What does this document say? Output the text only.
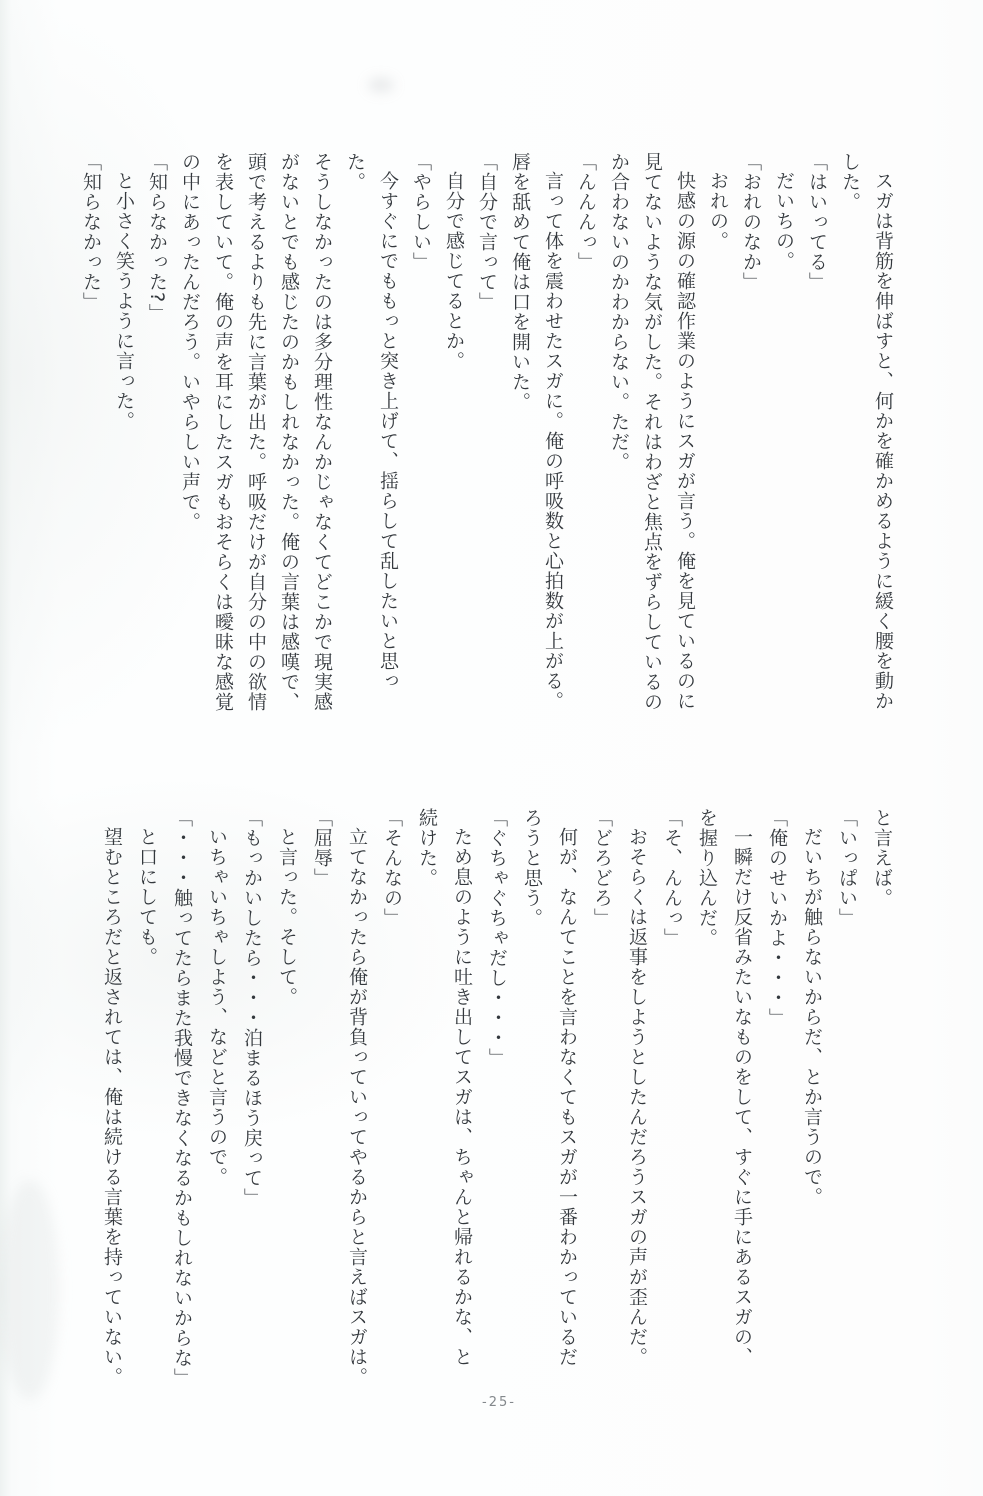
スガは背筋を伸ばすと、何かを確かめるように緩く腰を動か

した。

「はいってる」

だいちの。

「おれのなか」

おれの。

快感の源の確認作業のようにスガが言う。俺を見ているのに

見てないような気がした。それはわざと焦点をずらしているの

か合わないのかわからない。ただ。

「んんんっ」

言って体を震わせたスガに。俺の呼吸数と心拍数が上がる。

唇を舐めて俺は口を開いた。

「自分で言って」

自分で感じてるとか。

「やらしい」

今すぐにでももっと突き上げて、揺らして乱したいと思った。

そうしなかったのは多分理性なんかじゃなくてどこかで現実感

がないとでも感じたのかもしれなかった。俺の言葉は感嘆で、

頭で考えるよりも先に言葉が出た。呼吸だけが自分の中の欲情

を表していて。俺の声を耳にしたスガもおそらくは曖昧な感覚

の中にあったんだろう。いやらしい声で。

「知らなかった?」

と小さく笑うように言った。

「知らなかった」

と言えば。

「いっぱい」

だいちが触らないからだ、とか言うので。

「俺のせいかよ・・・」

一瞬だけ反省みたいなものをして、すぐに手にあるスガの、

を握り込んだ。

「そ、んんっ」

おそらくは返事をしようとしたんだろうスガの声が歪んだ。

「どろどろ」

何が、なんてことを言わなくてもスガが一番わかっているだ

ろうと思う。

「ぐちゃぐちゃだし・・・」

ため息のように吐き出してスガは、ちゃんと帰れるかな、と

続けた。

「そんなの」

立てなかったら俺が背負っていってやるからと言えばスガは。

「屈辱」

と言った。そして。

「もっかいしたら・・・泊まるほう戻って」

いちゃいちゃしよう、などと言うので。

「・・・触ってたらまた我慢できなくなるかもしれないからな」

と口にしても。

望むところだと返されては、俺は続ける言葉を持っていない。

-25-
